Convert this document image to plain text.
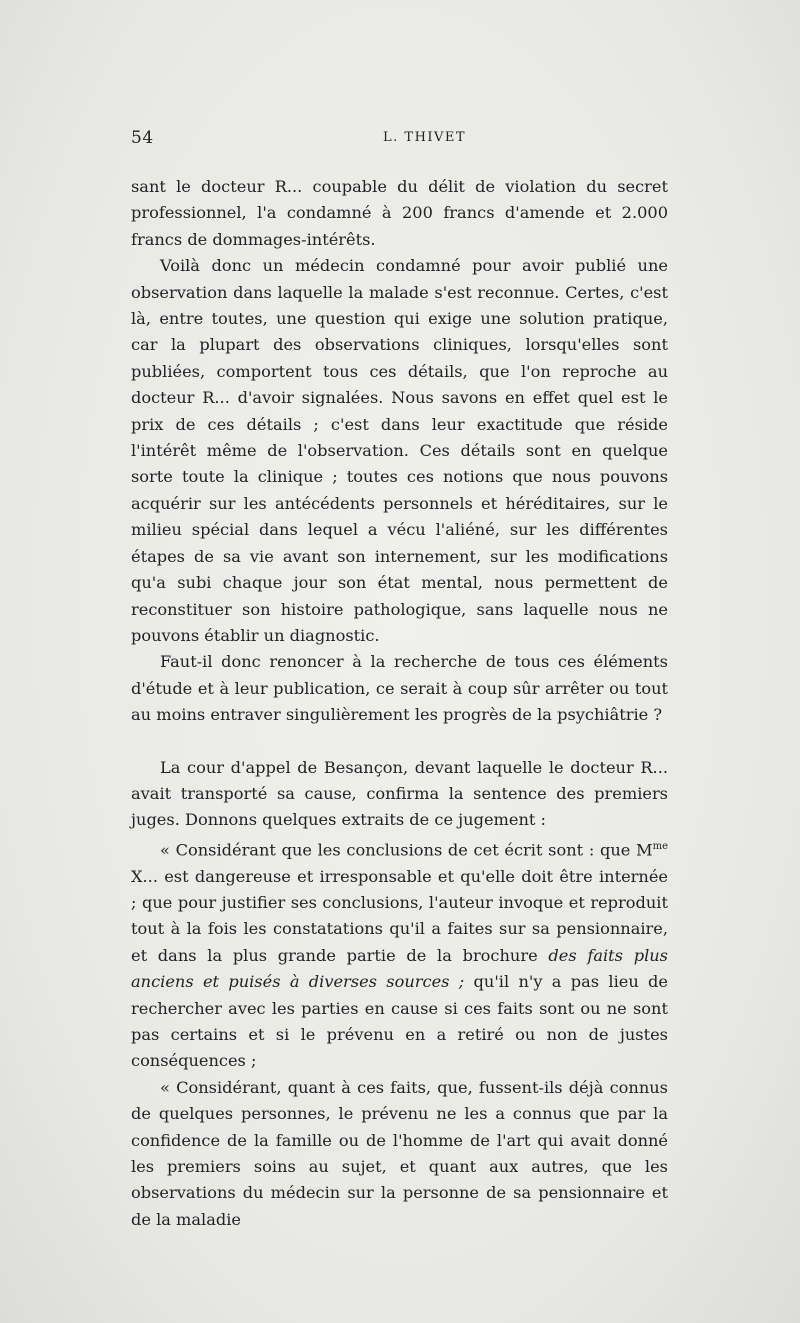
54	L. THIVET

sant le docteur R... coupable du délit de violation du secret professionnel, l'a condamné à 200 francs d'amende et 2.000 francs de dommages-intérêts.

Voilà donc un médecin condamné pour avoir publié une observation dans laquelle la malade s'est reconnue. Certes, c'est là, entre toutes, une question qui exige une solution pratique, car la plupart des observations cliniques, lorsqu'elles sont publiées, comportent tous ces détails, que l'on reproche au docteur R... d'avoir signalées. Nous savons en effet quel est le prix de ces détails ; c'est dans leur exactitude que réside l'intérêt même de l'observation. Ces détails sont en quelque sorte toute la clinique ; toutes ces notions que nous pouvons acquérir sur les antécédents personnels et héréditaires, sur le milieu spécial dans lequel a vécu l'aliéné, sur les différentes étapes de sa vie avant son internement, sur les modifications qu'a subi chaque jour son état mental, nous permettent de reconstituer son histoire pathologique, sans laquelle nous ne pouvons établir un diagnostic.

Faut-il donc renoncer à la recherche de tous ces éléments d'étude et à leur publication, ce serait à coup sûr arrêter ou tout au moins entraver singulièrement les progrès de la psychiâtrie ?

La cour d'appel de Besançon, devant laquelle le docteur R... avait transporté sa cause, confirma la sentence des premiers juges. Donnons quelques extraits de ce jugement :

« Considérant que les conclusions de cet écrit sont : que $M^{me}$ X... est dangereuse et irresponsable et qu'elle doit être internée ; que pour justifier ses conclusions, l'auteur invoque et reproduit tout à la fois les constatations qu'il a faites sur sa pensionnaire, et dans la plus grande partie de la brochure des faits plus anciens et puisés à diverses sources ; qu'il n'y a pas lieu de rechercher avec les parties en cause si ces faits sont ou ne sont pas certains et si le prévenu en a retiré ou non de justes conséquences ;

« Considérant, quant à ces faits, que, fussent-ils déjà connus de quelques personnes, le prévenu ne les a connus que par la confidence de la famille ou de l'homme de l'art qui avait donné les premiers soins au sujet, et quant aux autres, que les observations du médecin sur la personne de sa pensionnaire et de la maladie
